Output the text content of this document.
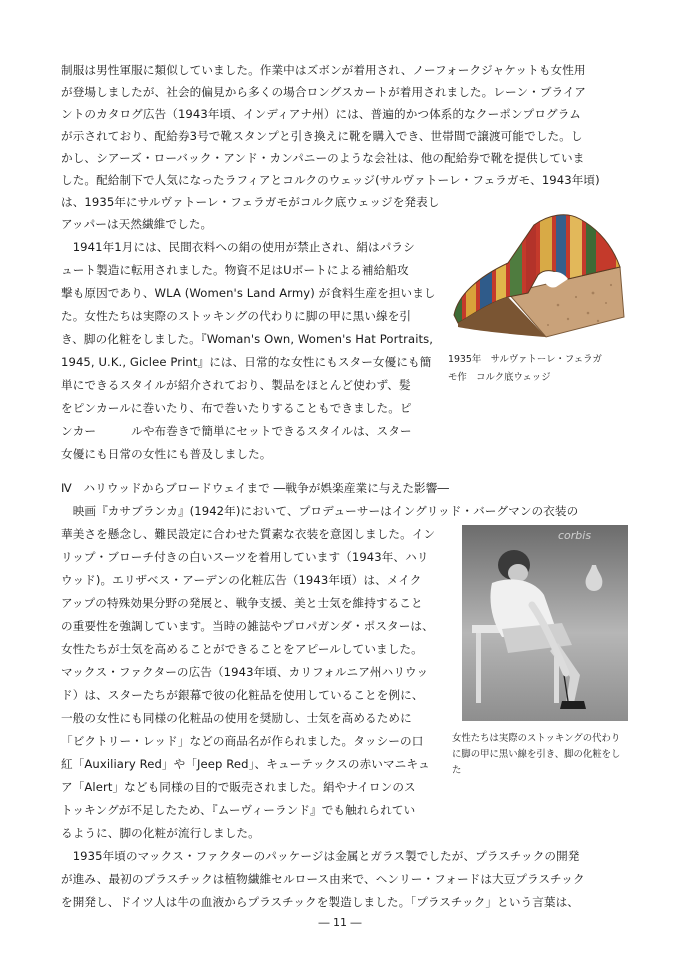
制服は男性軍服に類似していました。作業中はズボンが着用され、ノーフォークジャケットも女性用
が登場しましたが、社会的偏見から多くの場合ロングスカートが着用されました。レーン・ブライア
ントのカタログ広告（1943年頃、インディアナ州）には、普遍的かつ体系的なクーポンプログラム
が示されており、配給券3号で靴スタンプと引き換えに靴を購入でき、世帯間で譲渡可能でした。し
かし、シアーズ・ローバック・アンド・カンパニーのような会社は、他の配給券で靴を提供していま
した。配給制下で人気になったラフィアとコルクのウェッジ(サルヴァトーレ・フェラガモ、1943年頃)
は、1935年にサルヴァトーレ・フェラガモがコルク底ウェッジを発表し
アッパーは天然繊維でした。
　1941年1月には、民間衣料への絹の使用が禁止され、絹はパラシ
ュート製造に転用されました。物資不足はUボートによる補給船攻
撃も原因であり、WLA (Women's Land Army) が食料生産を担いまし
た。女性たちは実際のストッキングの代わりに脚の甲に黒い線を引
き、脚の化粧をしました。『Woman's Own, Women's Hat Portraits,
1945, U.K., Giclee Print』には、日常的な女性にもスター女優にも簡
単にできるスタイルが紹介されており、製品をほとんど使わず、髪
をピンカールに巻いたり、布で巻いたりすることもできました。ピ
ンカー　　　ルや布巻きで簡単にセットできるスタイルは、スター
女優にも日常の女性にも普及しました。
1935年　サルヴァトーレ・フェラガ
モ作　コルク底ウェッジ
Ⅳ　ハリウッドからブロードウェイまで ―戦争が娯楽産業に与えた影響―
　映画『カサブランカ』(1942年)において、プロデューサーはイングリッド・バーグマンの衣装の
華美さを懸念し、難民設定に合わせた質素な衣装を意図しました。イン
リップ・ブローチ付きの白いスーツを着用しています（1943年、ハリ
ウッド)。エリザベス・アーデンの化粧広告（1943年頃）は、メイク
アップの特殊効果分野の発展と、戦争支援、美と士気を維持すること
の重要性を強調しています。当時の雑誌やプロパガンダ・ポスターは、
女性たちが士気を高めることができることをアピールしていました。
マックス・ファクターの広告（1943年頃、カリフォルニア州ハリウッ
ド）は、スターたちが銀幕で彼の化粧品を使用していることを例に、
一般の女性にも同様の化粧品の使用を奨励し、士気を高めるために
「ビクトリー・レッド」などの商品名が作られました。タッシーの口
紅「Auxiliary Red」や「Jeep Red」、キューテックスの赤いマニキュ
ア「Alert」なども同様の目的で販売されました。絹やナイロンのス
トッキングが不足したため、『ムーヴィーランド』でも触れられてい
るように、脚の化粧が流行しました。
corbis
女性たちは実際のストッキングの代わり
に脚の甲に黒い線を引き、脚の化粧をし
た
　1935年頃のマックス・ファクターのパッケージは金属とガラス製でしたが、プラスチックの開発
が進み、最初のプラスチックは植物繊維セルロース由来で、ヘンリー・フォードは大豆プラスチック
を開発し、ドイツ人は牛の血液からプラスチックを製造しました。「プラスチック」という言葉は、
― 11 ―
